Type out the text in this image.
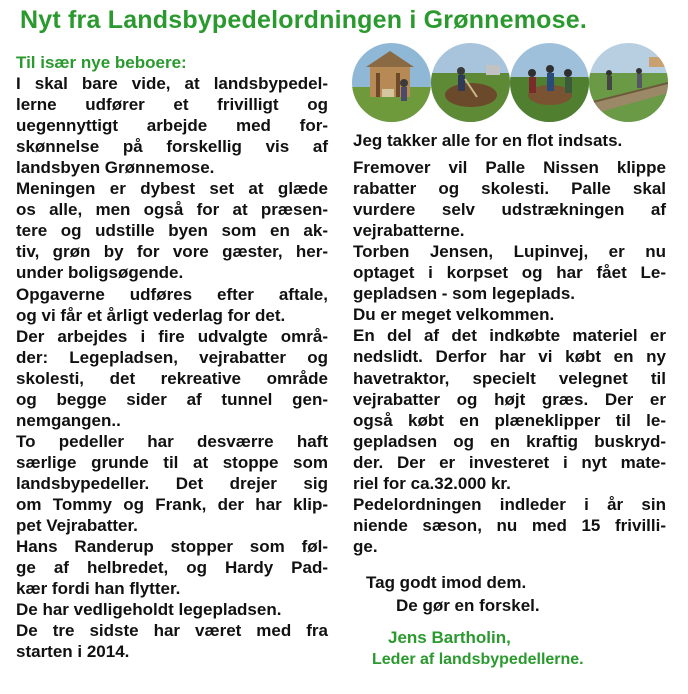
Nyt fra Landsbypedelordningen i Grønnemose.
Til især nye beboere:
I skal bare vide, at landsbypedel-
lerne udfører et frivilligt og
uegennyttigt arbejde med for-
skønnelse på forskellig vis af
landsbyen Grønnemose.
Meningen er dybest set at glæde
os alle, men også for at præsen-
tere og udstille byen som en ak-
tiv, grøn by for vore gæster, her-
under boligsøgende.
Opgaverne udføres efter aftale,
og vi får et årligt vederlag for det.
Der arbejdes i fire udvalgte områ-
der: Legepladsen, vejrabatter og
skolesti, det rekreative område
og begge sider af tunnel gen-
nemgangen..
To pedeller har desværre haft
særlige grunde til at stoppe som
landsbypedeller. Det drejer sig
om Tommy og Frank, der har klip-
pet Vejrabatter.
Hans Randerup stopper som føl-
ge af helbredet, og Hardy Pad-
kær fordi han flytter.
De har vedligeholdt legepladsen.
De tre sidste har været med fra
starten i 2014.
Jeg takker alle for en flot indsats.
Fremover vil Palle Nissen klippe
rabatter og skolesti. Palle skal
vurdere selv udstrækningen af
vejrabatterne.
Torben Jensen, Lupinvej, er nu
optaget i korpset og har fået Le-
gepladsen - som legeplads.
Du er meget velkommen.
En del af det indkøbte materiel er
nedslidt. Derfor har vi købt en ny
havetraktor, specielt velegnet til
vejrabatter og højt græs. Der er
også købt en plæneklipper til le-
gepladsen og en kraftig buskryd-
der. Der er investeret i nyt mate-
riel for ca.32.000 kr.
Pedelordningen indleder i år sin
niende sæson, nu med 15 frivilli-
ge.
Tag godt imod dem.
De gør en forskel.
Jens Bartholin,
Leder af landsbypedellerne.
